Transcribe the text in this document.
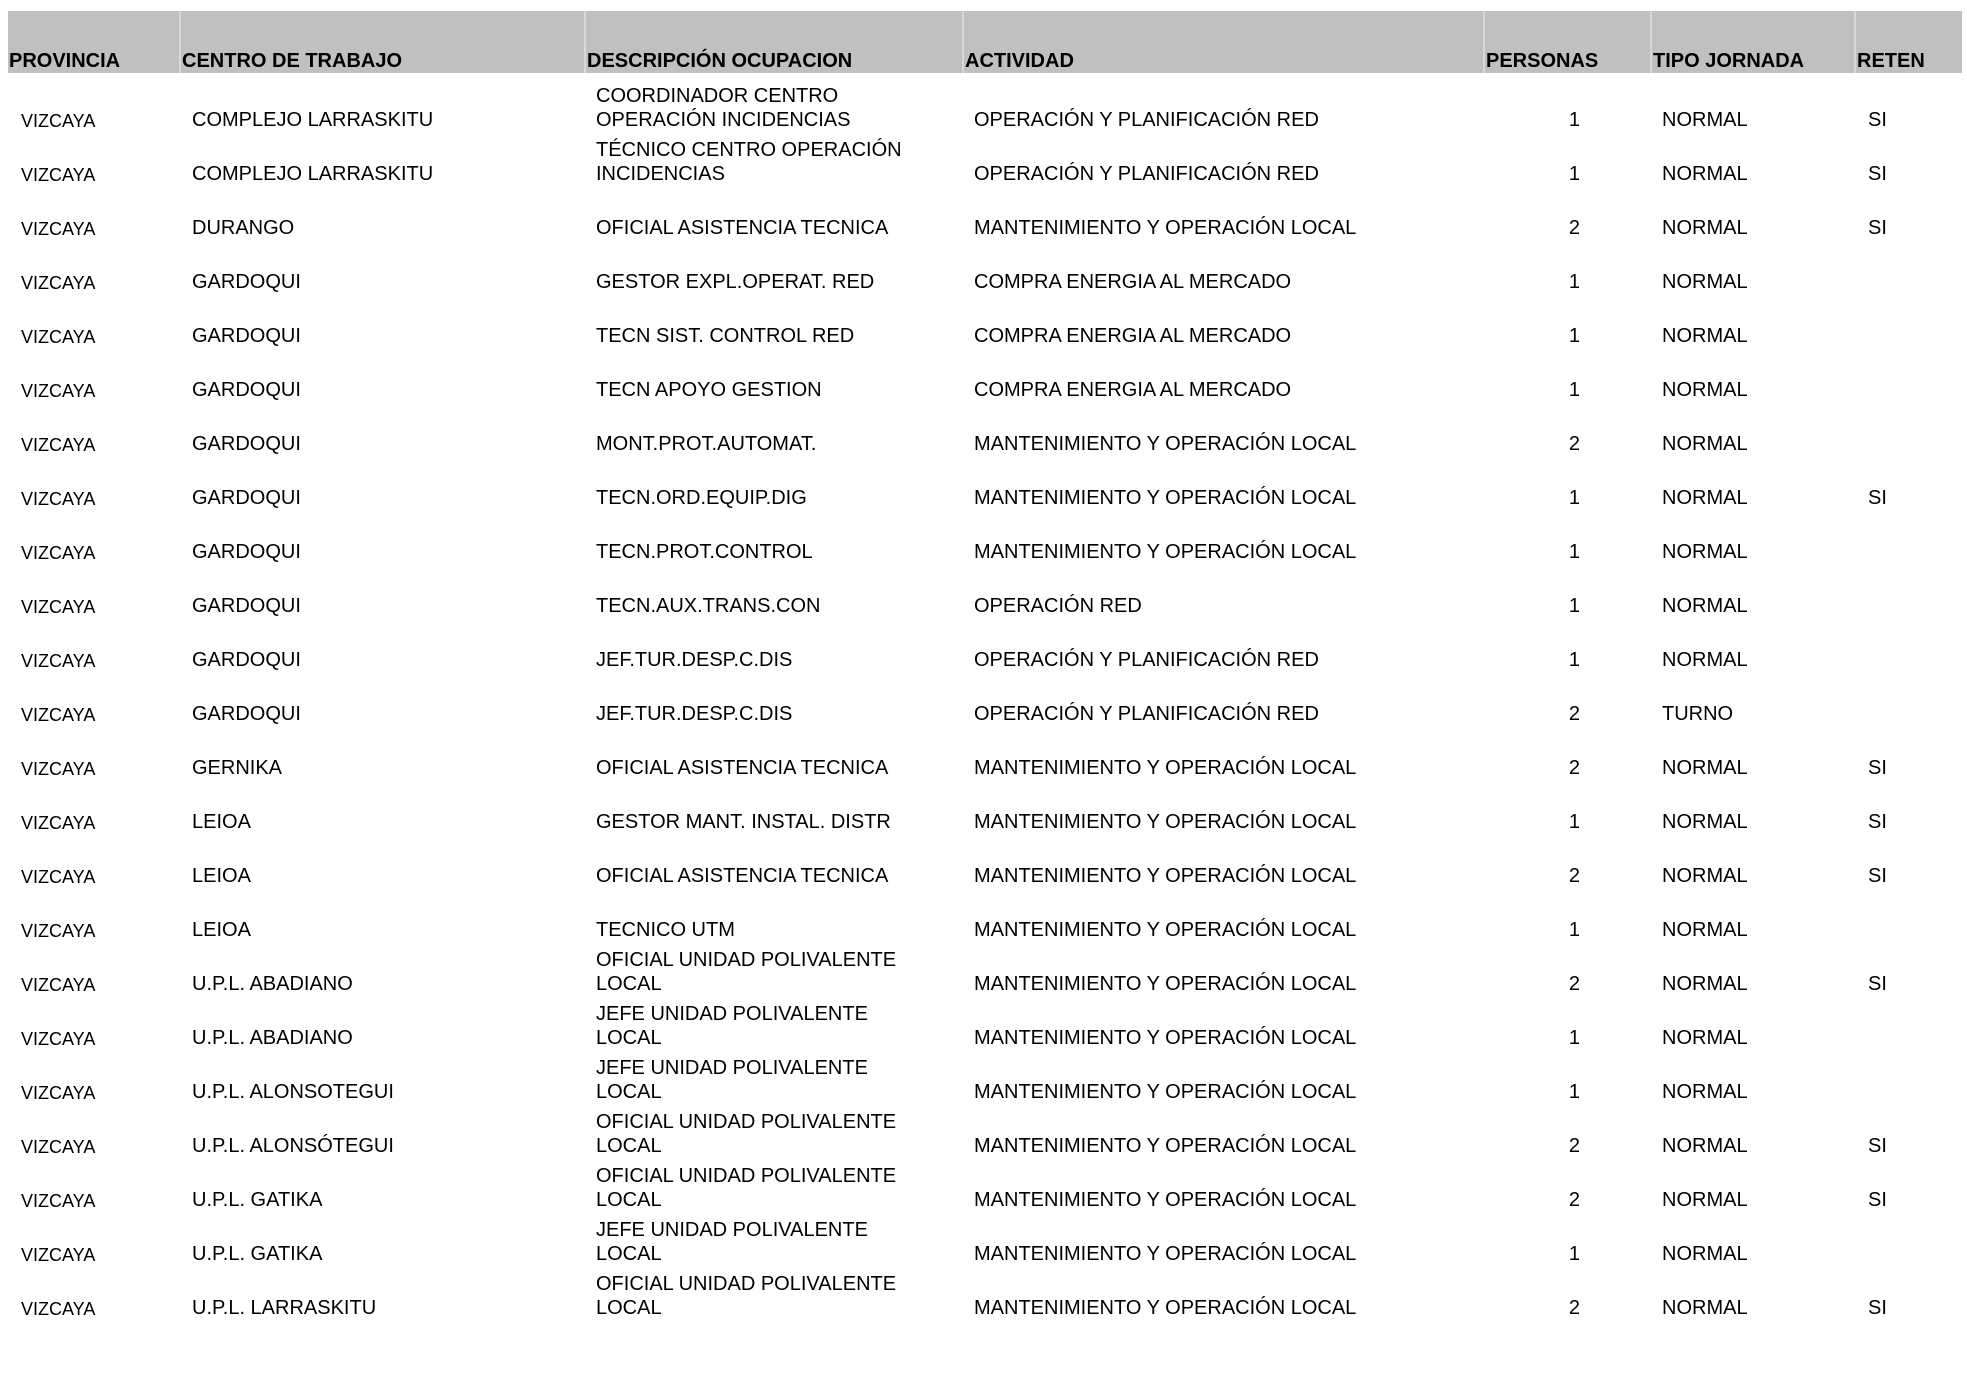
PROVINCIA	CENTRO DE TRABAJO	DESCRIPCIÓN OCUPACION	ACTIVIDAD	PERSONAS	TIPO JORNADA	RETEN

VIZCAYA	COMPLEJO LARRASKITU	COORDINADOR CENTRO OPERACIÓN INCIDENCIAS	OPERACIÓN Y PLANIFICACIÓN RED	1	NORMAL	SI
VIZCAYA	COMPLEJO LARRASKITU	TÉCNICO CENTRO OPERACIÓN INCIDENCIAS	OPERACIÓN Y PLANIFICACIÓN RED	1	NORMAL	SI
VIZCAYA	DURANGO	OFICIAL ASISTENCIA TECNICA	MANTENIMIENTO Y OPERACIÓN LOCAL	2	NORMAL	SI
VIZCAYA	GARDOQUI	GESTOR EXPL.OPERAT. RED	COMPRA ENERGIA AL MERCADO	1	NORMAL	
VIZCAYA	GARDOQUI	TECN SIST. CONTROL RED	COMPRA ENERGIA AL MERCADO	1	NORMAL	
VIZCAYA	GARDOQUI	TECN APOYO GESTION	COMPRA ENERGIA AL MERCADO	1	NORMAL	
VIZCAYA	GARDOQUI	MONT.PROT.AUTOMAT.	MANTENIMIENTO Y OPERACIÓN LOCAL	2	NORMAL	
VIZCAYA	GARDOQUI	TECN.ORD.EQUIP.DIG	MANTENIMIENTO Y OPERACIÓN LOCAL	1	NORMAL	SI
VIZCAYA	GARDOQUI	TECN.PROT.CONTROL	MANTENIMIENTO Y OPERACIÓN LOCAL	1	NORMAL	
VIZCAYA	GARDOQUI	TECN.AUX.TRANS.CON	OPERACIÓN RED	1	NORMAL	
VIZCAYA	GARDOQUI	JEF.TUR.DESP.C.DIS	OPERACIÓN Y PLANIFICACIÓN RED	1	NORMAL	
VIZCAYA	GARDOQUI	JEF.TUR.DESP.C.DIS	OPERACIÓN Y PLANIFICACIÓN RED	2	TURNO	
VIZCAYA	GERNIKA	OFICIAL ASISTENCIA TECNICA	MANTENIMIENTO Y OPERACIÓN LOCAL	2	NORMAL	SI
VIZCAYA	LEIOA	GESTOR MANT. INSTAL. DISTR	MANTENIMIENTO Y OPERACIÓN LOCAL	1	NORMAL	SI
VIZCAYA	LEIOA	OFICIAL ASISTENCIA TECNICA	MANTENIMIENTO Y OPERACIÓN LOCAL	2	NORMAL	SI
VIZCAYA	LEIOA	TECNICO UTM	MANTENIMIENTO Y OPERACIÓN LOCAL	1	NORMAL	
VIZCAYA	U.P.L. ABADIANO	OFICIAL UNIDAD POLIVALENTE LOCAL	MANTENIMIENTO Y OPERACIÓN LOCAL	2	NORMAL	SI
VIZCAYA	U.P.L. ABADIANO	JEFE UNIDAD POLIVALENTE LOCAL	MANTENIMIENTO Y OPERACIÓN LOCAL	1	NORMAL	
VIZCAYA	U.P.L. ALONSOTEGUI	JEFE UNIDAD POLIVALENTE LOCAL	MANTENIMIENTO Y OPERACIÓN LOCAL	1	NORMAL	
VIZCAYA	U.P.L. ALONSÓTEGUI	OFICIAL UNIDAD POLIVALENTE LOCAL	MANTENIMIENTO Y OPERACIÓN LOCAL	2	NORMAL	SI
VIZCAYA	U.P.L. GATIKA	OFICIAL UNIDAD POLIVALENTE LOCAL	MANTENIMIENTO Y OPERACIÓN LOCAL	2	NORMAL	SI
VIZCAYA	U.P.L. GATIKA	JEFE UNIDAD POLIVALENTE LOCAL	MANTENIMIENTO Y OPERACIÓN LOCAL	1	NORMAL	
VIZCAYA	U.P.L. LARRASKITU	OFICIAL UNIDAD POLIVALENTE LOCAL	MANTENIMIENTO Y OPERACIÓN LOCAL	2	NORMAL	SI
